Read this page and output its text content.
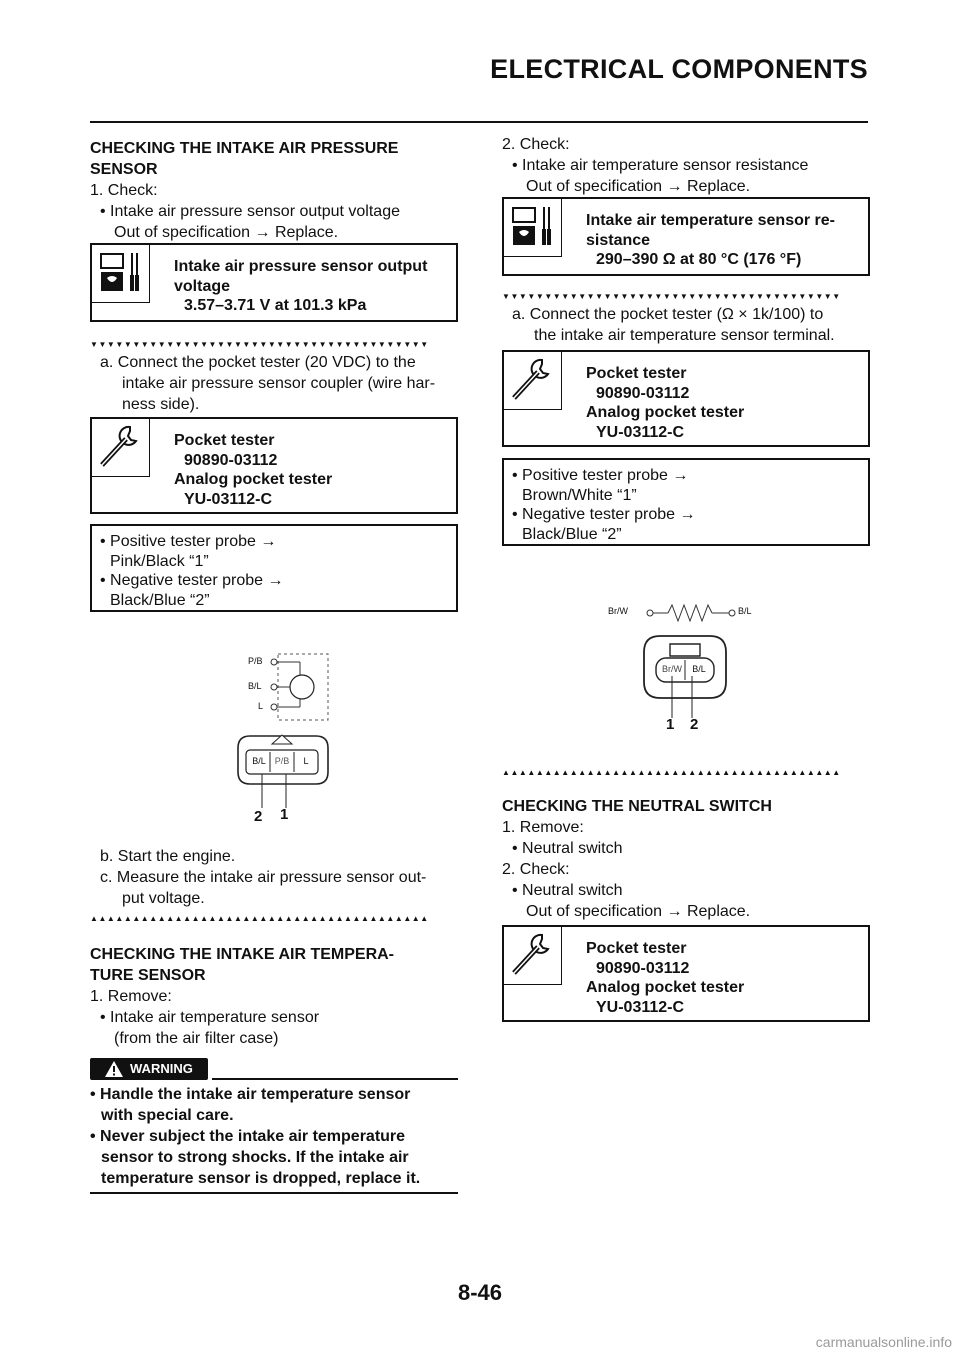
ELECTRICAL COMPONENTS
CHECKING THE INTAKE AIR PRESSURE
SENSOR
1. Check:
• Intake air pressure sensor output voltage
Out of specification → Replace.
Intake air pressure sensor output
voltage
3.57–3.71 V at 101.3 kPa
▼▼▼▼▼▼▼▼▼▼▼▼▼▼▼▼▼▼▼▼▼▼▼▼▼▼▼▼▼▼▼▼▼▼▼▼▼▼▼▼
a. Connect the pocket tester (20 VDC) to the
intake air pressure sensor coupler (wire har-
ness side).
Pocket tester
90890-03112
Analog pocket tester
YU-03112-C
• Positive tester probe →
Pink/Black “1”
• Negative tester probe →
Black/Blue “2”
P/B
B/L
L
B/L P/B	L
2 1
b. Start the engine.
c. Measure the intake air pressure sensor out-
put voltage.
▲▲▲▲▲▲▲▲▲▲▲▲▲▲▲▲▲▲▲▲▲▲▲▲▲▲▲▲▲▲▲▲▲▲▲▲▲▲▲▲
CHECKING THE INTAKE AIR TEMPERA-
TURE SENSOR
1. Remove:
• Intake air temperature sensor
(from the air filter case)
WARNING
• Handle the intake air temperature sensor
with special care.
• Never subject the intake air temperature
sensor to strong shocks. If the intake air
temperature sensor is dropped, replace it.
2. Check:
• Intake air temperature sensor resistance
Out of specification → Replace.
Intake air temperature sensor re-
sistance
290–390 Ω at 80 °C (176 °F)
▼▼▼▼▼▼▼▼▼▼▼▼▼▼▼▼▼▼▼▼▼▼▼▼▼▼▼▼▼▼▼▼▼▼▼▼▼▼▼▼
a. Connect the pocket tester (Ω × 1k/100) to
the intake air temperature sensor terminal.
Pocket tester
90890-03112
Analog pocket tester
YU-03112-C
• Positive tester probe →
Brown/White “1”
• Negative tester probe →
Black/Blue “2”
Br/W	B/L
Br/W	B/L
1 2
▲▲▲▲▲▲▲▲▲▲▲▲▲▲▲▲▲▲▲▲▲▲▲▲▲▲▲▲▲▲▲▲▲▲▲▲▲▲▲▲
CHECKING THE NEUTRAL SWITCH
1. Remove:
• Neutral switch
2. Check:
• Neutral switch
Out of specification → Replace.
Pocket tester
90890-03112
Analog pocket tester
YU-03112-C
8-46
carmanualsonline.info
